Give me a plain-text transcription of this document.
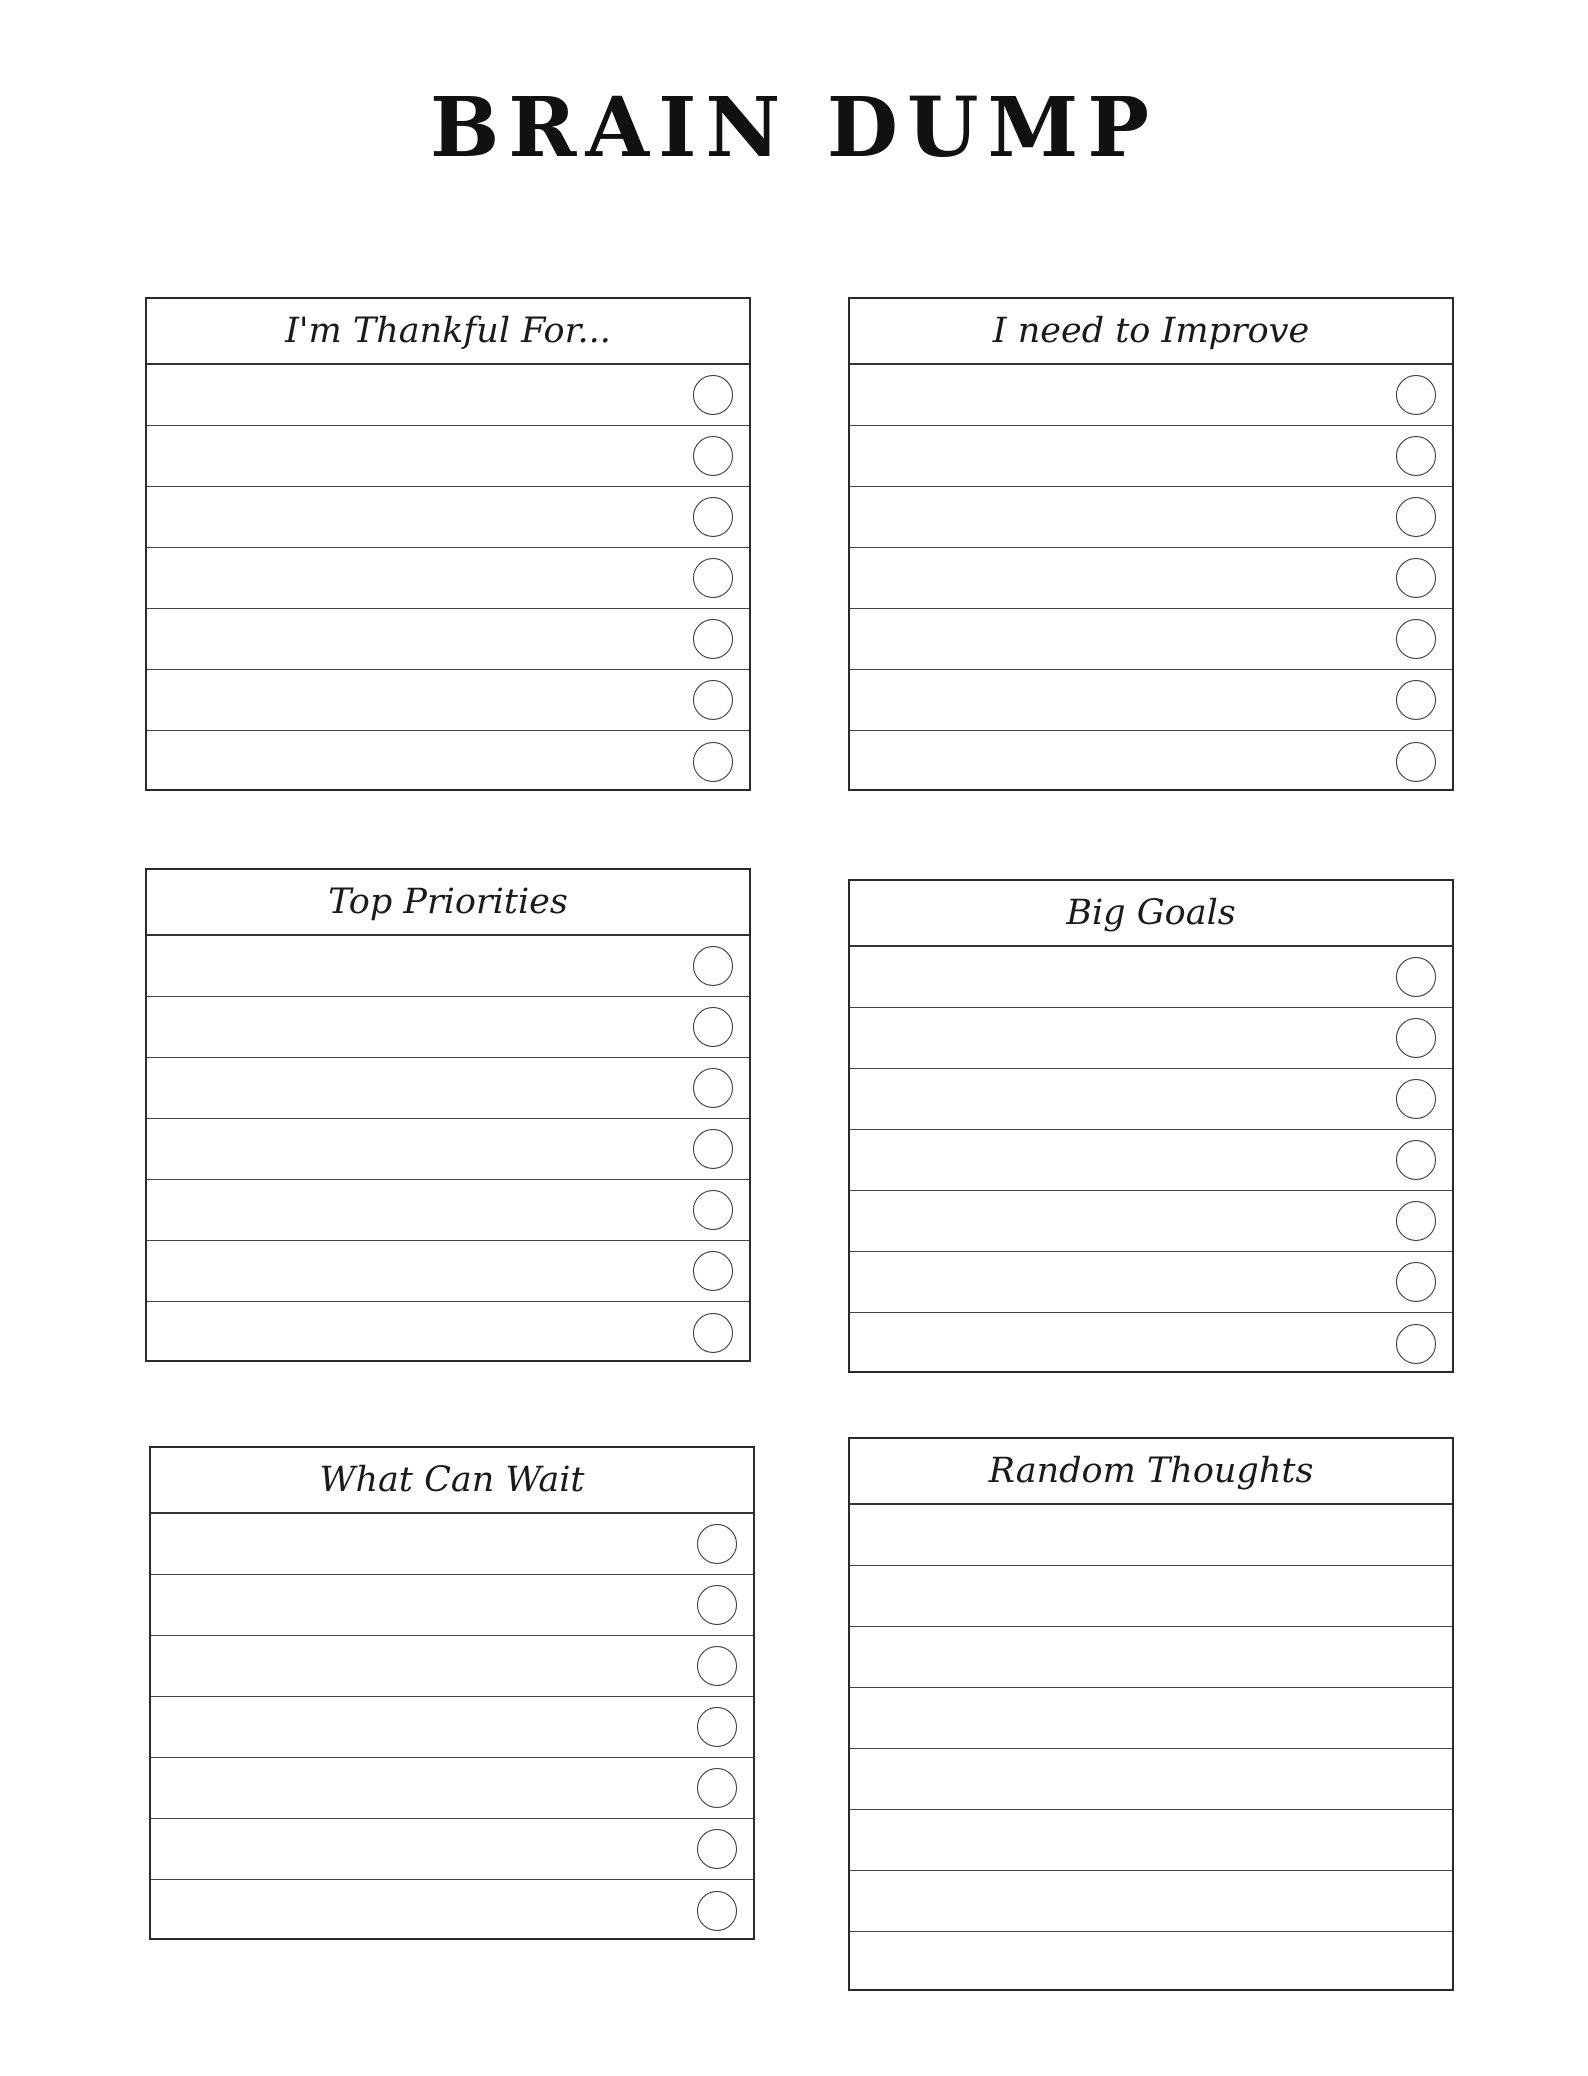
BRAIN DUMP
I'm Thankful For...	I need to Improve
Top Priorities	Big Goals
What Can Wait	Random Thoughts
